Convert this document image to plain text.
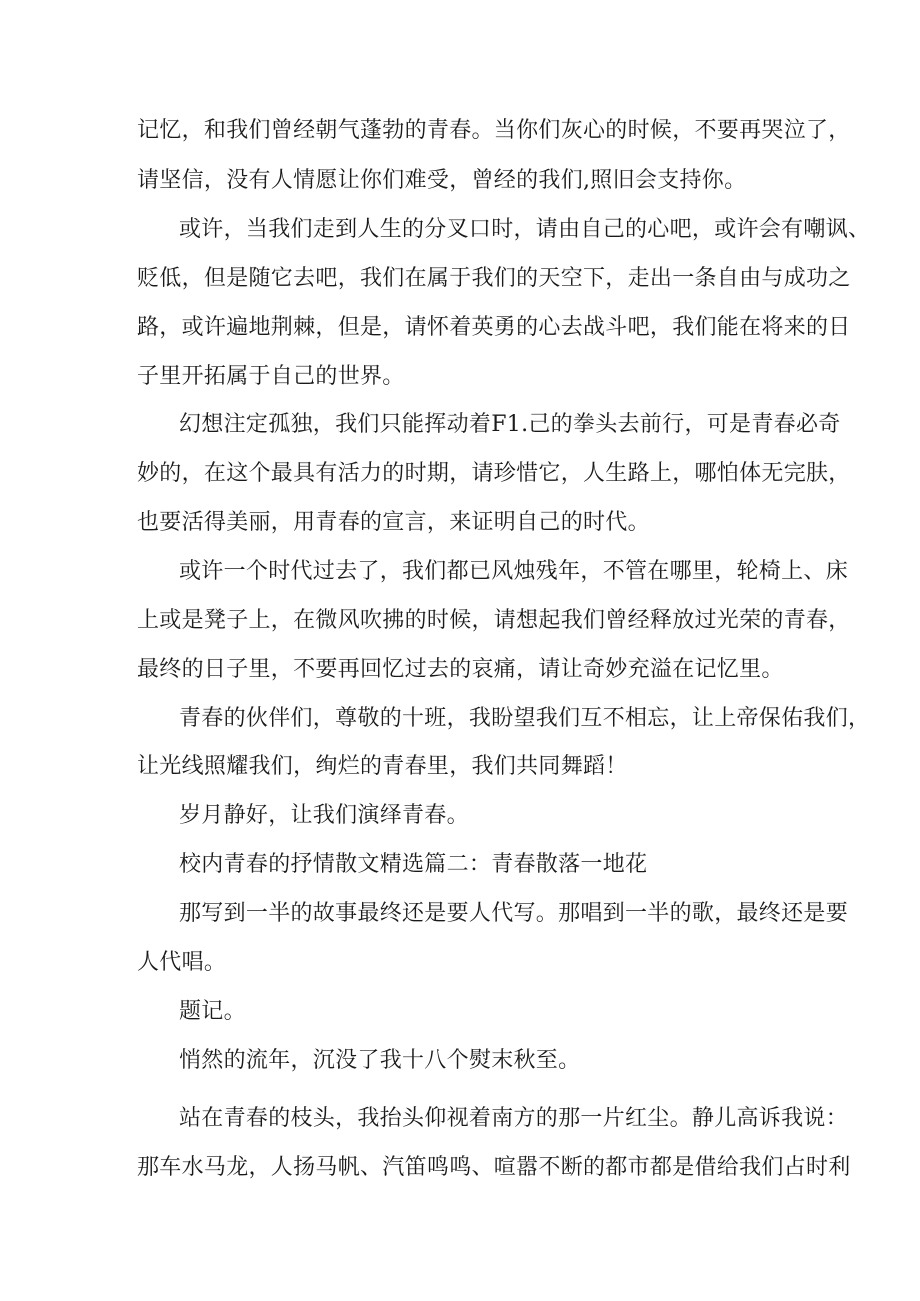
记忆，和我们曾经朝气蓬勃的青春。当你们灰心的时候，不要再哭泣了，
请坚信，没有人情愿让你们难受，曾经的我们,照旧会支持你。
或许，当我们走到人生的分叉口时，请由自己的心吧，或许会有嘲讽、
贬低，但是随它去吧，我们在属于我们的天空下，走出一条自由与成功之
路，或许遍地荆棘，但是，请怀着英勇的心去战斗吧，我们能在将来的日
子里开拓属于自己的世界。
幻想注定孤独，我们只能挥动着F1.己的拳头去前行，可是青春必奇
妙的，在这个最具有活力的时期，请珍惜它，人生路上，哪怕体无完肤，
也要活得美丽，用青春的宣言，来证明自己的时代。
或许一个时代过去了，我们都已风烛残年，不管在哪里，轮椅上、床
上或是凳子上，在微风吹拂的时候，请想起我们曾经释放过光荣的青春，
最终的日子里，不要再回忆过去的哀痛，请让奇妙充溢在记忆里。
青春的伙伴们，尊敬的十班，我盼望我们互不相忘，让上帝保佑我们，
让光线照耀我们，绚烂的青春里，我们共同舞蹈！
岁月静好，让我们演绎青春。
校内青春的抒情散文精选篇二：青春散落一地花
那写到一半的故事最终还是要人代写。那唱到一半的歌，最终还是要
人代唱。
题记。
悄然的流年，沉没了我十八个熨末秋至。
站在青春的枝头，我抬头仰视着南方的那一片红尘。静儿高诉我说：
那车水马龙，人扬马帆、汽笛鸣鸣、喧嚣不断的都市都是借给我们占时利
